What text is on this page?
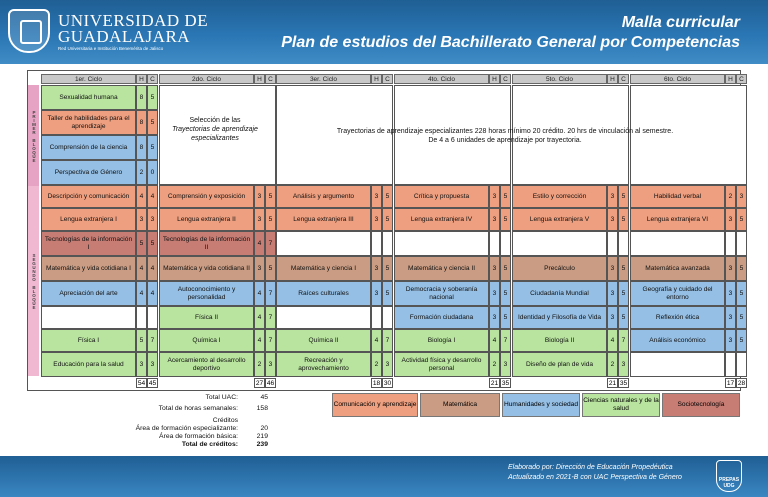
UNIVERSIDAD DE
GUADALAJARA
Red Universitaria e Institución Benemérita de Jalisco
Malla curricular
Plan de estudios del Bachillerato General por Competencias
PRIMER BLOQUE
SEGUNDO BLOQUE
1er. Ciclo	H C
Sexualidad humana	8	5
Taller de habilidades para el aprendizaje	8	5
Comprensión de la ciencia	8	5
Perspectiva de Género	2	0
Descripción y comunicación	4	4
Lengua extranjera I	3	3
Tecnologías de la información I	5	5
Matemática y vida cotidiana I	4	4
Apreciación del arte	4	4
Física I	5	7
Educación para la salud	3	3
54 45
2do. Ciclo	H C
Comprensión y exposición	3	5
Lengua extranjera II	3	5
Tecnologías de la información II	4	7
Matemática y vida cotidiana II	3	5
Autoconocimiento y personalidad	4	7
Física II	4	7
Química I	4	7
Acercamiento al desarrollo deportivo	2	3
27 46
3er. Ciclo	H C
Análisis y argumento	3	5
Lengua extranjera III	3	5
Matemática y ciencia I	3	5
Raíces culturales	3	5
Química II	4	7
Recreación y aprovechamiento	2	3
18 30
4to. Ciclo	H C
Crítica y propuesta	3	5
Lengua extranjera IV	3	5
Matemática y ciencia II	3	5
Democracia y soberanía nacional	3	5
Formación ciudadana	3	5
Biología I	4	7
Actividad física y desarrollo personal	2	3
21 35
5to. Ciclo	H C
Estilo y corrección	3	5
Lengua extranjera V	3	5
Precálculo	3	5
Ciudadanía Mundial	3	5
Identidad y Filosofía de Vida	3	5
Biología II	4	7
Diseño de plan de vida	2	3
21 35
6to. Ciclo	H C
Habilidad verbal	2	3
Lengua extranjera VI	3	5
Matemática avanzada	3	5
Geografía y cuidado del entorno	3	5
Reflexión ética	3	5
Análisis económico	3	5
17 28
Selección de las
Trayectorias de aprendizaje
especializantes
Trayectorias de aprendizaje especializantes 228 horas mínimo 20 crédito. 20 hrs de vinculación al semestre.
De 4 a 6 unidades de aprendizaje por trayectoria.
Total UAC:	45
Total de horas semanales:	158
Créditos
Área de formación especializante:	20
Área de formación básica:	219
Total de créditos:	239
Comunicación y aprendizaje	Matemática	Humanidades y sociedad
Ciencias naturales y de la salud
Sociotecnología
Elaborado por: Dirección de Educación Propedéutica
Actualizado en 2021-B con UAC Perspectiva de Género	PREPAS UDG
